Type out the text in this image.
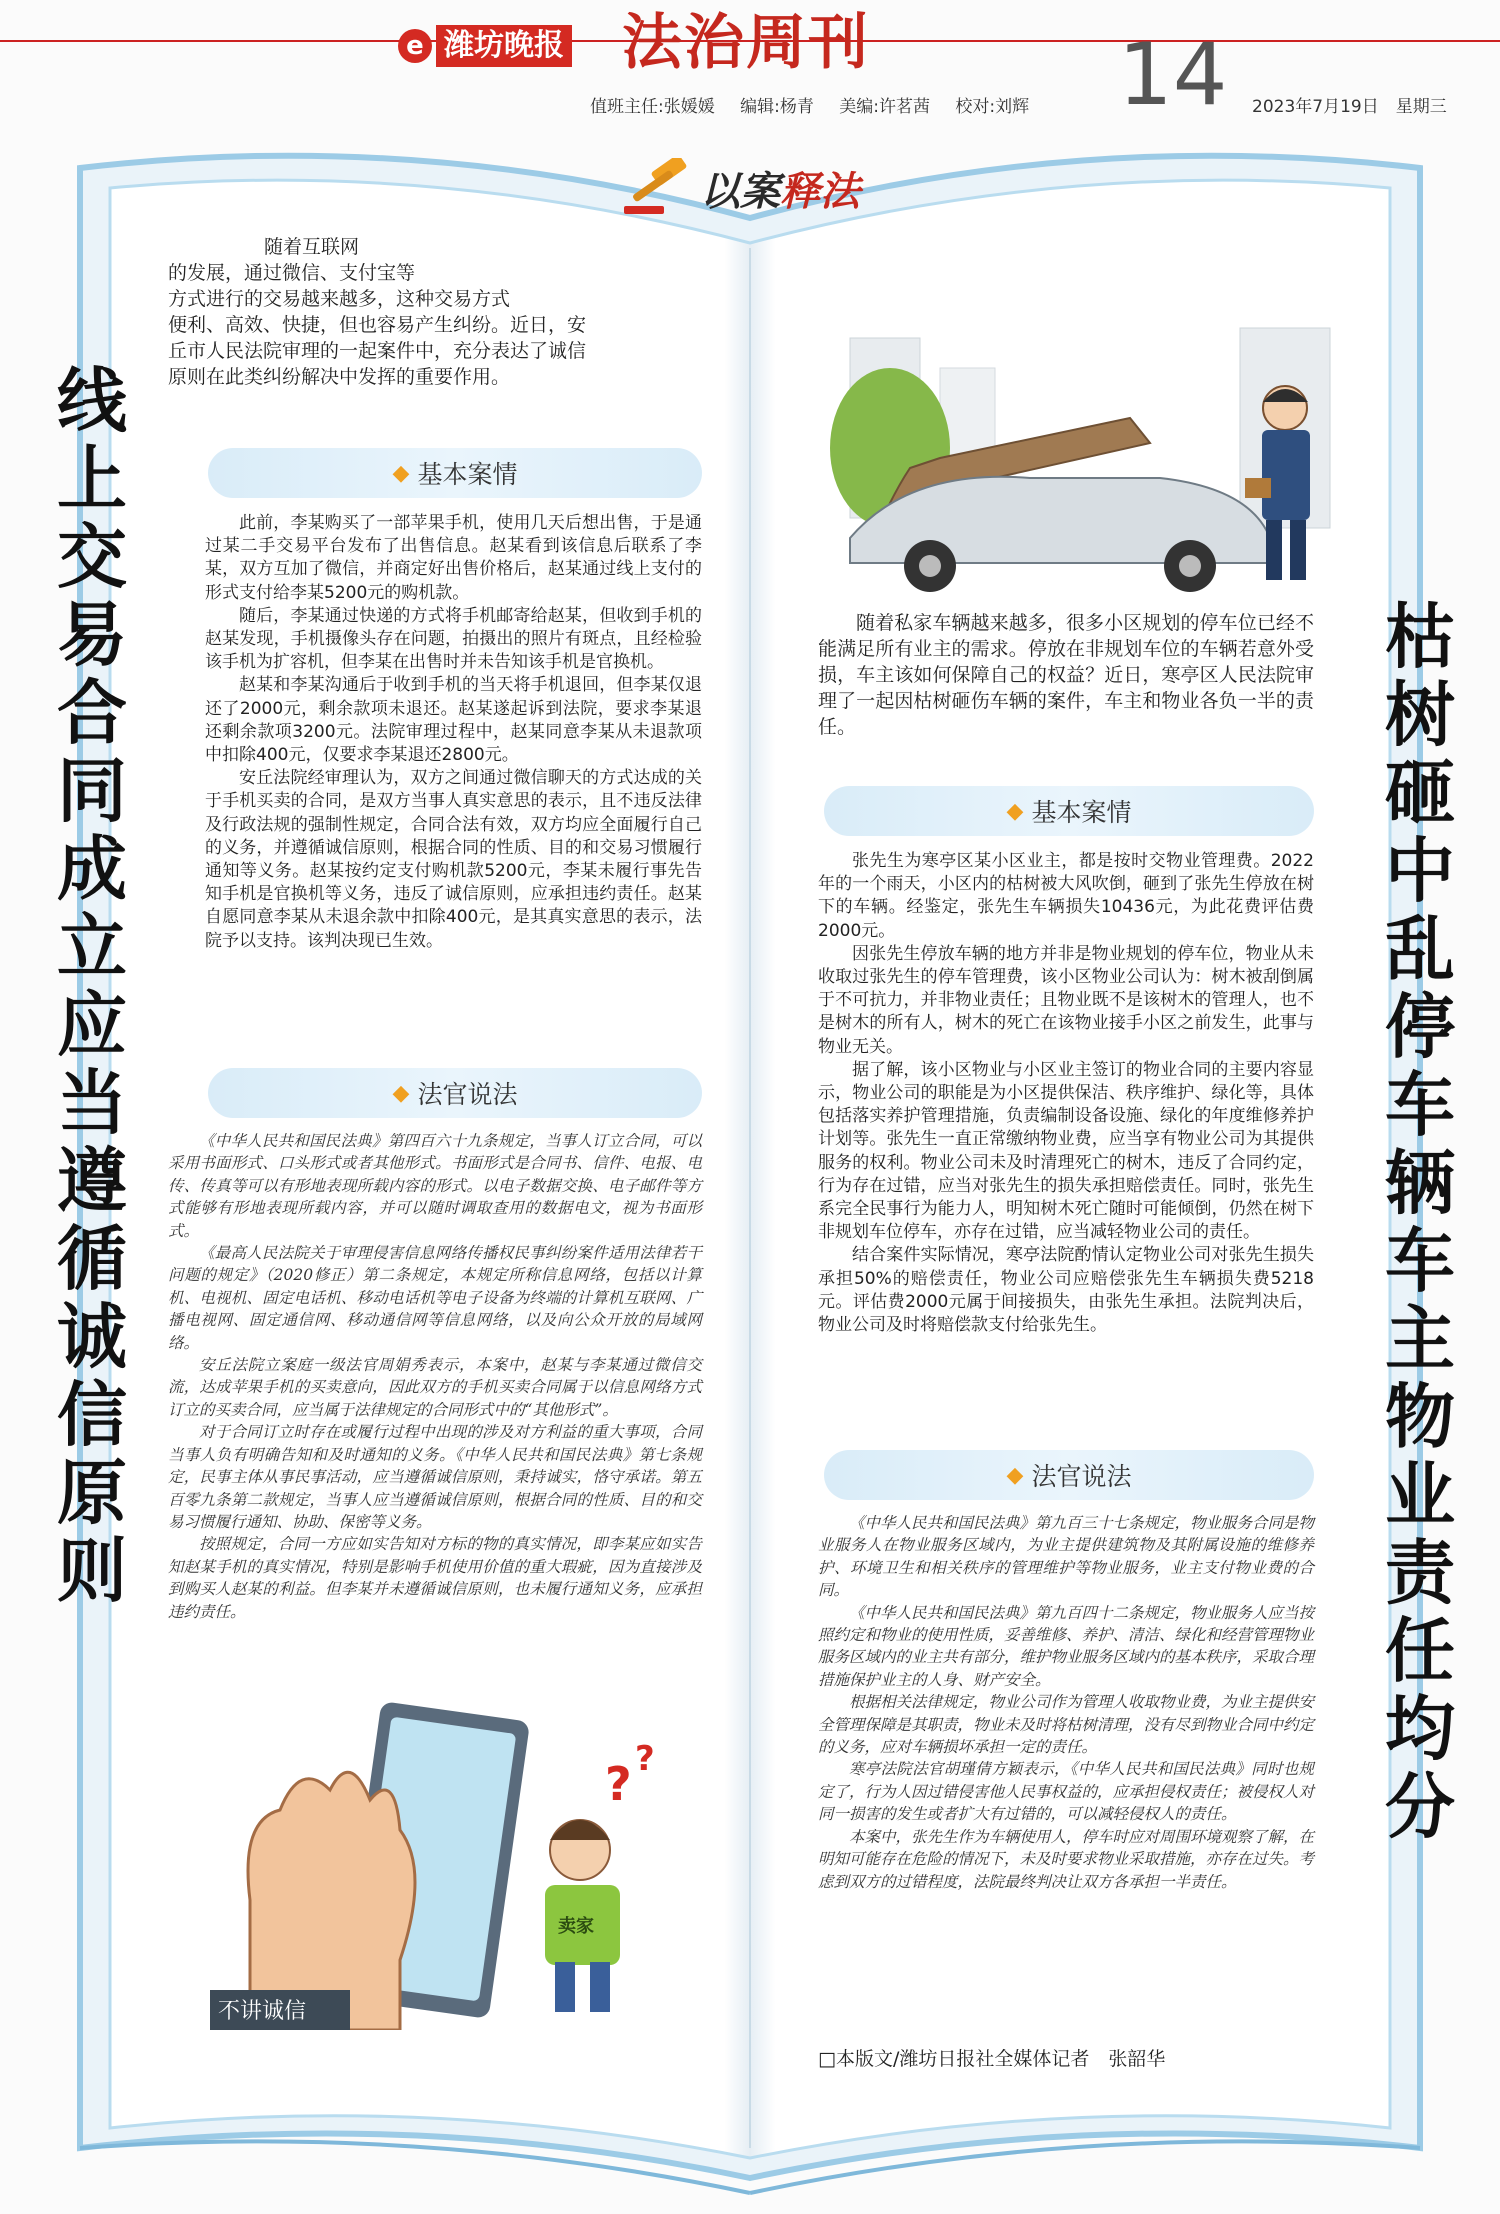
e 潍坊晚报 法治周刊	14
值班主任:张媛媛 编辑:杨青 美编:许茗茜 校对:刘辉	2023年7月19日　 星期三
以案 释法
线上交易合同成立 应当遵循诚信原则

随着互联网

的发展，通过微信、支付宝等

方式进行的交易越来越多，这种交易方式

便利、高效、快捷，但也容易产生纠纷。近日，安

丘市人民法院审理的一起案件中，充分表达了诚信

原则在此类纠纷解决中发挥的重要作用。

◆ 基本案情

此前，李某购买了一部苹果手机，使用几天后想出售，于是通过某二手交易平台发布了出售信息。赵某看到该信息后联系了李某，双方互加了微信，并商定好出售价格后，赵某通过线上支付的形式支付给李某5200元的购机款。

随后，李某通过快递的方式将手机邮寄给赵某，但收到手机的赵某发现，手机摄像头存在问题，拍摄出的照片有斑点，且经检验该手机为扩容机，但李某在出售时并未告知该手机是官换机。

赵某和李某沟通后于收到手机的当天将手机退回，但李某仅退还了2000元，剩余款项未退还。赵某遂起诉到法院，要求李某退还剩余款项3200元。法院审理过程中，赵某同意李某从未退款项中扣除400元，仅要求李某退还2800元。

安丘法院经审理认为，双方之间通过微信聊天的方式达成的关于手机买卖的合同，是双方当事人真实意思的表示，且不违反法律及行政法规的强制性规定，合同合法有效，双方均应全面履行自己的义务，并遵循诚信原则，根据合同的性质、目的和交易习惯履行通知等义务。赵某按约定支付购机款5200元，李某未履行事先告知手机是官换机等义务，违反了诚信原则，应承担违约责任。赵某自愿同意李某从未退余款中扣除400元，是其真实意思的表示，法院予以支持。该判决现已生效。

◆ 法官说法

《中华人民共和国民法典》第四百六十九条规定，当事人订立合同，可以采用书面形式、口头形式或者其他形式。书面形式是合同书、信件、电报、电传、传真等可以有形地表现所载内容的形式。以电子数据交换、电子邮件等方式能够有形地表现所载内容，并可以随时调取查用的数据电文，视为书面形式。

《最高人民法院关于审理侵害信息网络传播权民事纠纷案件适用法律若干问题的规定》（2020修正）第二条规定，本规定所称信息网络，包括以计算机、电视机、固定电话机、移动电话机等电子设备为终端的计算机互联网、广播电视网、固定通信网、移动通信网等信息网络，以及向公众开放的局域网络。

安丘法院立案庭一级法官周娟秀表示，本案中，赵某与李某通过微信交流，达成苹果手机的买卖意向，因此双方的手机买卖合同属于以信息网络方式订立的买卖合同，应当属于法律规定的合同形式中的“其他形式”。

对于合同订立时存在或履行过程中出现的涉及对方利益的重大事项，合同当事人负有明确告知和及时通知的义务。《中华人民共和国民法典》第七条规定，民事主体从事民事活动，应当遵循诚信原则，秉持诚实，恪守承诺。第五百零九条第二款规定，当事人应当遵循诚信原则，根据合同的性质、目的和交易习惯履行通知、协助、保密等义务。

按照规定，合同一方应如实告知对方标的物的真实情况，即李某应如实告知赵某手机的真实情况，特别是影响手机使用价值的重大瑕疵，因为直接涉及到购买人赵某的利益。但李某并未遵循诚信原则，也未履行通知义务，应承担违约责任。

不讲诚信
卖家
? ?

随着私家车辆越来越多，很多小区规划的停车位已经不能满足所有业主的需求。停放在非规划车位的车辆若意外受损，车主该如何保障自己的权益？近日，寒亭区人民法院审理了一起因枯树砸伤车辆的案件，车主和物业各负一半的责任。

◆ 基本案情

张先生为寒亭区某小区业主，都是按时交物业管理费。2022年的一个雨天，小区内的枯树被大风吹倒，砸到了张先生停放在树下的车辆。经鉴定，张先生车辆损失10436元，为此花费评估费2000元。

因张先生停放车辆的地方并非是物业规划的停车位，物业从未收取过张先生的停车管理费，该小区物业公司认为：树木被刮倒属于不可抗力，并非物业责任；且物业既不是该树木的管理人，也不是树木的所有人，树木的死亡在该物业接手小区之前发生，此事与物业无关。

据了解，该小区物业与小区业主签订的物业合同的主要内容显示，物业公司的职能是为小区提供保洁、秩序维护、绿化等，具体包括落实养护管理措施，负责编制设备设施、绿化的年度维修养护计划等。张先生一直正常缴纳物业费，应当享有物业公司为其提供服务的权利。物业公司未及时清理死亡的树木，违反了合同约定，行为存在过错，应当对张先生的损失承担赔偿责任。同时，张先生系完全民事行为能力人，明知树木死亡随时可能倾倒，仍然在树下非规划车位停车，亦存在过错，应当减轻物业公司的责任。

结合案件实际情况，寒亭法院酌情认定物业公司对张先生损失承担50%的赔偿责任，物业公司应赔偿张先生车辆损失费5218元。评估费2000元属于间接损失，由张先生承担。法院判决后，物业公司及时将赔偿款支付给张先生。

◆ 法官说法

《中华人民共和国民法典》第九百三十七条规定，物业服务合同是物业服务人在物业服务区域内，为业主提供建筑物及其附属设施的维修养护、环境卫生和相关秩序的管理维护等物业服务，业主支付物业费的合同。

《中华人民共和国民法典》第九百四十二条规定，物业服务人应当按照约定和物业的使用性质，妥善维修、养护、清洁、绿化和经营管理物业服务区域内的业主共有部分，维护物业服务区域内的基本秩序，采取合理措施保护业主的人身、财产安全。

根据相关法律规定，物业公司作为管理人收取物业费，为业主提供安全管理保障是其职责，物业未及时将枯树清理，没有尽到物业合同中约定的义务，应对车辆损坏承担一定的责任。

寒亭法院法官胡瑾倩方颖表示，《中华人民共和国民法典》同时也规定了，行为人因过错侵害他人民事权益的，应承担侵权责任；被侵权人对同一损害的发生或者扩大有过错的，可以减轻侵权人的责任。

本案中，张先生作为车辆使用人，停车时应对周围环境观察了解，在明知可能存在危险的情况下，未及时要求物业采取措施，亦存在过失。考虑到双方的过错程度，法院最终判决让双方各承担一半责任。

□本版文/潍坊日报社全媒体记者　张韶华
枯树砸中乱停车辆 车主物业责任均分
